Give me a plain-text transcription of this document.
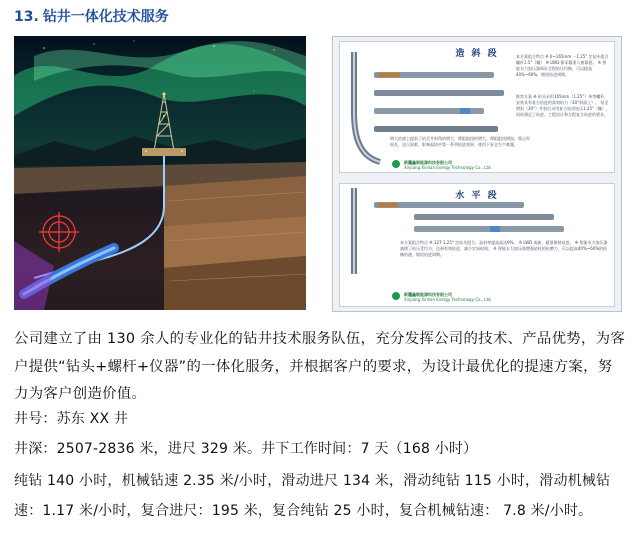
13. 钻井一体化技术服务
造 斜 段	本方案组合特点 ※ 0~165mm 一1.25° 定钻头组合螺杆1.5°（螺） ※ LWD 保证精准入窗靠稳。 ※ 智能水力加压器保证全程钻压均衡，可以提高40%~60%，缩短钻进周期。
推荐方案 ※ 钻头采用165mm（1.25°）单弯螺杆，安装具有复合钻进的高效钻力（30°斜面上）。 钻至增斜（30°）井斜后采用复合钻进钻压1.25°（螺），同时满足了钻进、工程设计和全程复合钻进的要求。
增大钻速上提前了钻至井斜角的增大，摩阻阻扭的增大，摩阻阻扭增加，靠止时间长，送尺困难，影响起钻中第一系列钻进效果，使用下安全生产难题。
新疆鑫联能源科技有限公司
Xinjiang Xinlian Energy Technology Co., Ltd.
水 平 段
本方案组合特点 ※ 127-1.25° 定钻头组合，造斜率提高高达9%。 ※ LWD 或新，精准保持钻进。 ※ 智能水力加压器减缓了钻压受均匀，达到有效钻进，减少定向时间。 ※ 智能水力加压器增强钻柱的抗磨力，可以提高40%~60%的机械钻速，缩短钻进周期。
新疆鑫联能源科技有限公司
Xinjiang Xinlian Energy Technology Co., Ltd.
公司建立了由 130 余人的专业化的钻井技术服务队伍，充分发挥公司的技术、产品优势，为客户提供“钻头+螺杆+仪器”的一体化服务，并根据客户的要求，为设计最优化的提速方案，努力为客户创造价值。
井号：苏东 XX 井
井深：2507-2836 米，进尺 329 米。井下工作时间：7 天（168 小时）
纯钻 140 小时，机械钻速 2.35 米/小时，滑动进尺 134 米，滑动纯钻 115 小时，滑动机械钻
速：1.17 米/小时，复合进尺：195 米，复合纯钻 25 小时，复合机械钻速： 7.8 米/小时。
